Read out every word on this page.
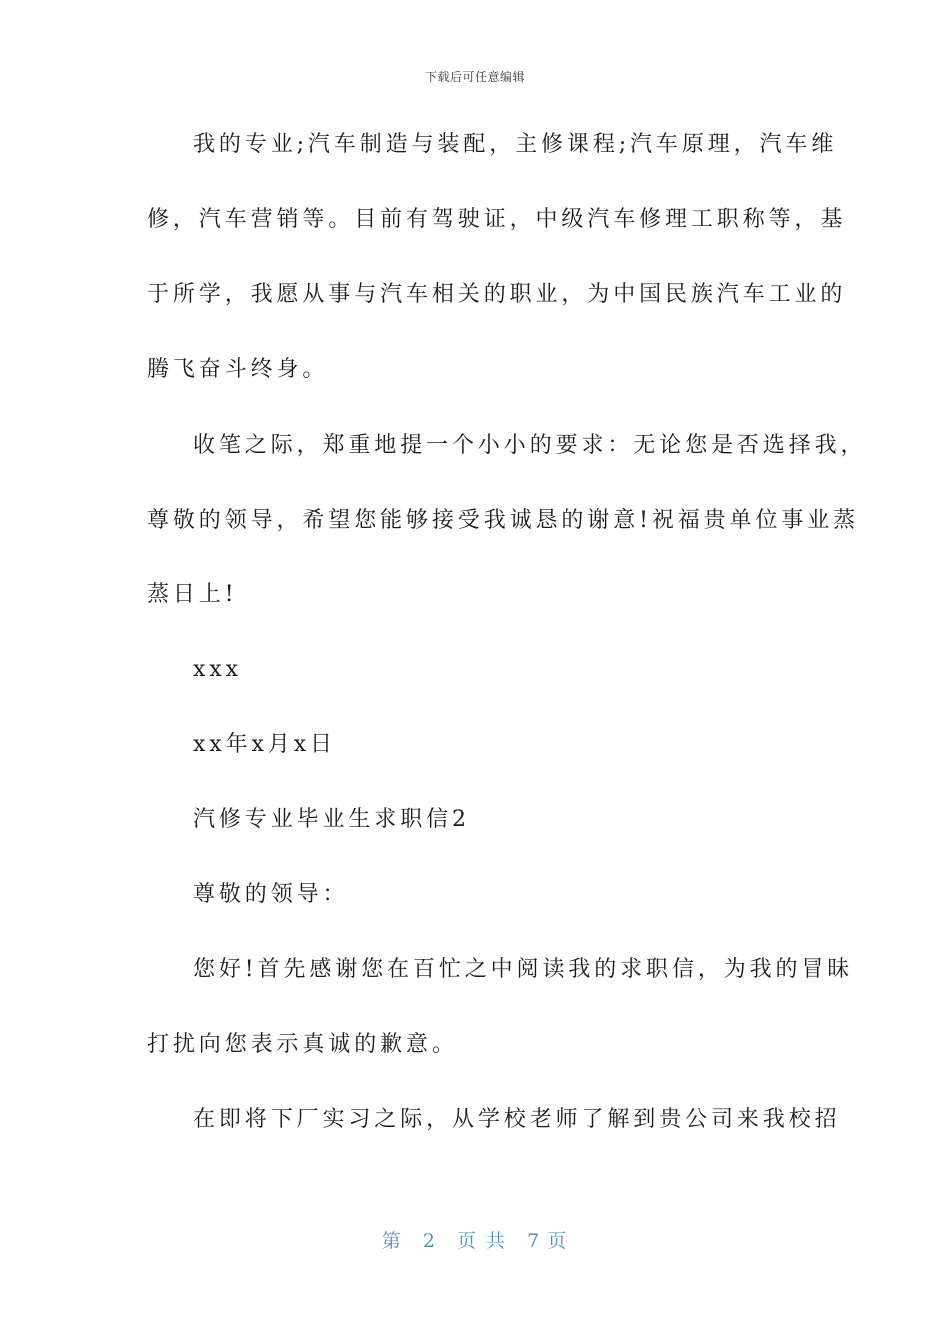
下载后可任意编辑
我的专业;汽车制造与装配，主修课程;汽车原理，汽车维
修，汽车营销等。目前有驾驶证，中级汽车修理工职称等，基
于所学，我愿从事与汽车相关的职业，为中国民族汽车工业的
腾飞奋斗终身。
收笔之际，郑重地提一个小小的要求：无论您是否选择我，
尊敬的领导，希望您能够接受我诚恳的谢意!祝福贵单位事业蒸
蒸日上!
xxx
xx年x月x日
汽修专业毕业生求职信2
尊敬的领导：
您好!首先感谢您在百忙之中阅读我的求职信，为我的冒昧
打扰向您表示真诚的歉意。
在即将下厂实习之际，从学校老师了解到贵公司来我校招
第 2 页 共 7 页
